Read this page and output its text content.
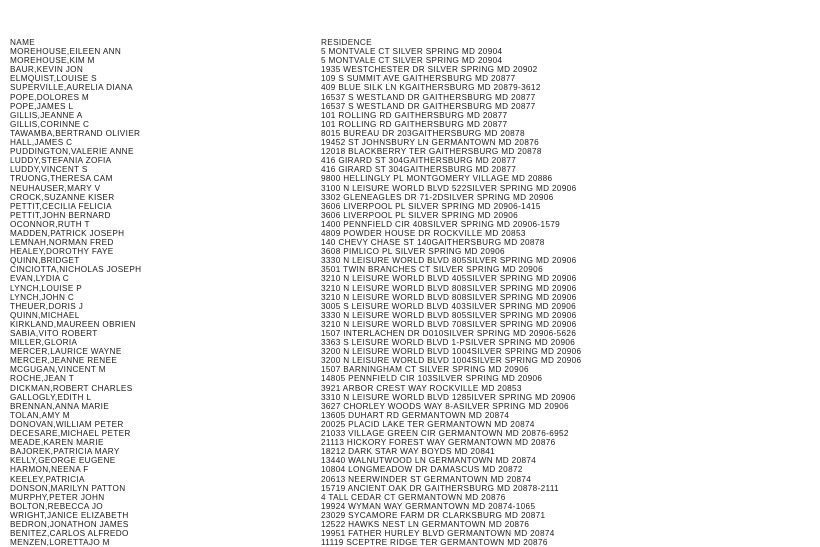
NAME	RESIDENCE
MOREHOUSE,EILEEN ANN	5 MONTVALE CT SILVER SPRING MD 20904
MOREHOUSE,KIM M	5 MONTVALE CT SILVER SPRING MD 20904
BAUR,KEVIN JON	1935 WESTCHESTER DR SILVER SPRING MD 20902
ELMQUIST,LOUISE S	109 S SUMMIT AVE GAITHERSBURG MD 20877
SUPERVILLE,AURELIA DIANA	409 BLUE SILK LN KGAITHERSBURG MD 20879-3612
POPE,DOLORES M	16537 S WESTLAND DR GAITHERSBURG MD 20877
POPE,JAMES L	16537 S WESTLAND DR GAITHERSBURG MD 20877
GILLIS,JEANNE A	101 ROLLING RD GAITHERSBURG MD 20877
GILLIS,CORINNE C	101 ROLLING RD GAITHERSBURG MD 20877
TAWAMBA,BERTRAND OLIVIER	8015 BUREAU DR 203GAITHERSBURG MD 20878
HALL,JAMES C	19452 ST JOHNSBURY LN GERMANTOWN MD 20876
PUDDINGTON,VALERIE ANNE	12018 BLACKBERRY TER GAITHERSBURG MD 20878
LUDDY,STEFANIA ZOFIA	416 GIRARD ST 304GAITHERSBURG MD 20877
LUDDY,VINCENT S	416 GIRARD ST 304GAITHERSBURG MD 20877
TRUONG,THERESA CAM	9800 HELLINGLY PL MONTGOMERY VILLAGE MD 20886
NEUHAUSER,MARY V	3100 N LEISURE WORLD BLVD 522SILVER SPRING MD 20906
CROCK,SUZANNE KISER	3302 GLENEAGLES DR 71-2DSILVER SPRING MD 20906
PETTIT,CECILIA FELICIA	3606 LIVERPOOL PL SILVER SPRING MD 20906-1415
PETTIT,JOHN BERNARD	3606 LIVERPOOL PL SILVER SPRING MD 20906
OCONNOR,RUTH T	1400 PENNFIELD CIR 408SILVER SPRING MD 20906-1579
MADDEN,PATRICK JOSEPH	4809 POWDER HOUSE DR ROCKVILLE MD 20853
LEMNAH,NORMAN FRED	140 CHEVY CHASE ST 140GAITHERSBURG MD 20878
HEALEY,DOROTHY FAYE	3608 PIMLICO PL SILVER SPRING MD 20906
QUINN,BRIDGET	3330 N LEISURE WORLD BLVD 805SILVER SPRING MD 20906
CINCIOTTA,NICHOLAS JOSEPH	3501 TWIN BRANCHES CT SILVER SPRING MD 20906
EVAN,LYDIA C	3210 N LEISURE WORLD BLVD 405SILVER SPRING MD 20906
LYNCH,LOUISE P	3210 N LEISURE WORLD BLVD 808SILVER SPRING MD 20906
LYNCH,JOHN C	3210 N LEISURE WORLD BLVD 808SILVER SPRING MD 20906
THEUER,DORIS J	3005 S LEISURE WORLD BLVD 403SILVER SPRING MD 20906
QUINN,MICHAEL	3330 N LEISURE WORLD BLVD 805SILVER SPRING MD 20906
KIRKLAND,MAUREEN OBRIEN	3210 N LEISURE WORLD BLVD 708SILVER SPRING MD 20906
SABIA,VITO ROBERT	1507 INTERLACHEN DR D010SILVER SPRING MD 20906-5626
MILLER,GLORIA	3363 S LEISURE WORLD BLVD 1-PSILVER SPRING MD 20906
MERCER,LAURICE WAYNE	3200 N LEISURE WORLD BLVD 1004SILVER SPRING MD 20906
MERCER,JEANNE RENEE	3200 N LEISURE WORLD BLVD 1004SILVER SPRING MD 20906
MCGUGAN,VINCENT M	1507 BARNINGHAM CT SILVER SPRING MD 20906
ROCHE,JEAN T	14805 PENNFIELD CIR 103SILVER SPRING MD 20906
DICKMAN,ROBERT CHARLES	3921 ARBOR CREST WAY ROCKVILLE MD 20853
GALLOGLY,EDITH L	3310 N LEISURE WORLD BLVD 1285ILVER SPRING MD 20906
BRENNAN,ANNA MARIE	3627 CHORLEY WOODS WAY 8-ASILVER SPRING MD 20906
TOLAN,AMY M	13605 DUHART RD GERMANTOWN MD 20874
DONOVAN,WILLIAM PETER	20025 PLACID LAKE TER GERMANTOWN MD 20874
DECESARE,MICHAEL PETER	21033 VILLAGE GREEN CIR GERMANTOWN MD 20876-6952
MEADE,KAREN MARIE	21113 HICKORY FOREST WAY GERMANTOWN MD 20876
BAJOREK,PATRICIA MARY	18212 DARK STAR WAY BOYDS MD 20841
KELLY,GEORGE EUGENE	13440 WALNUTWOOD LN GERMANTOWN MD 20874
HARMON,NEENA F	10804 LONGMEADOW DR DAMASCUS MD 20872
KEELEY,PATRICIA	20613 NEERWINDER ST GERMANTOWN MD 20874
DONSON,MARILYN PATTON	15719 ANCIENT OAK DR GAITHERSBURG MD 20878-2111
MURPHY,PETER JOHN	4 TALL CEDAR CT GERMANTOWN MD 20876
BOLTON,REBECCA JO	19924 WYMAN WAY GERMANTOWN MD 20874-1065
WRIGHT,JANICE ELIZABETH	23029 SYCAMORE FARM DR CLARKSBURG MD 20871
BEDRON,JONATHON JAMES	12522 HAWKS NEST LN GERMANTOWN MD 20876
BENITEZ,CARLOS ALFREDO	19951 FATHER HURLEY BLVD GERMANTOWN MD 20874
MENZEN,LORETTAJO M	11119 SCEPTRE RIDGE TER GERMANTOWN MD 20876
